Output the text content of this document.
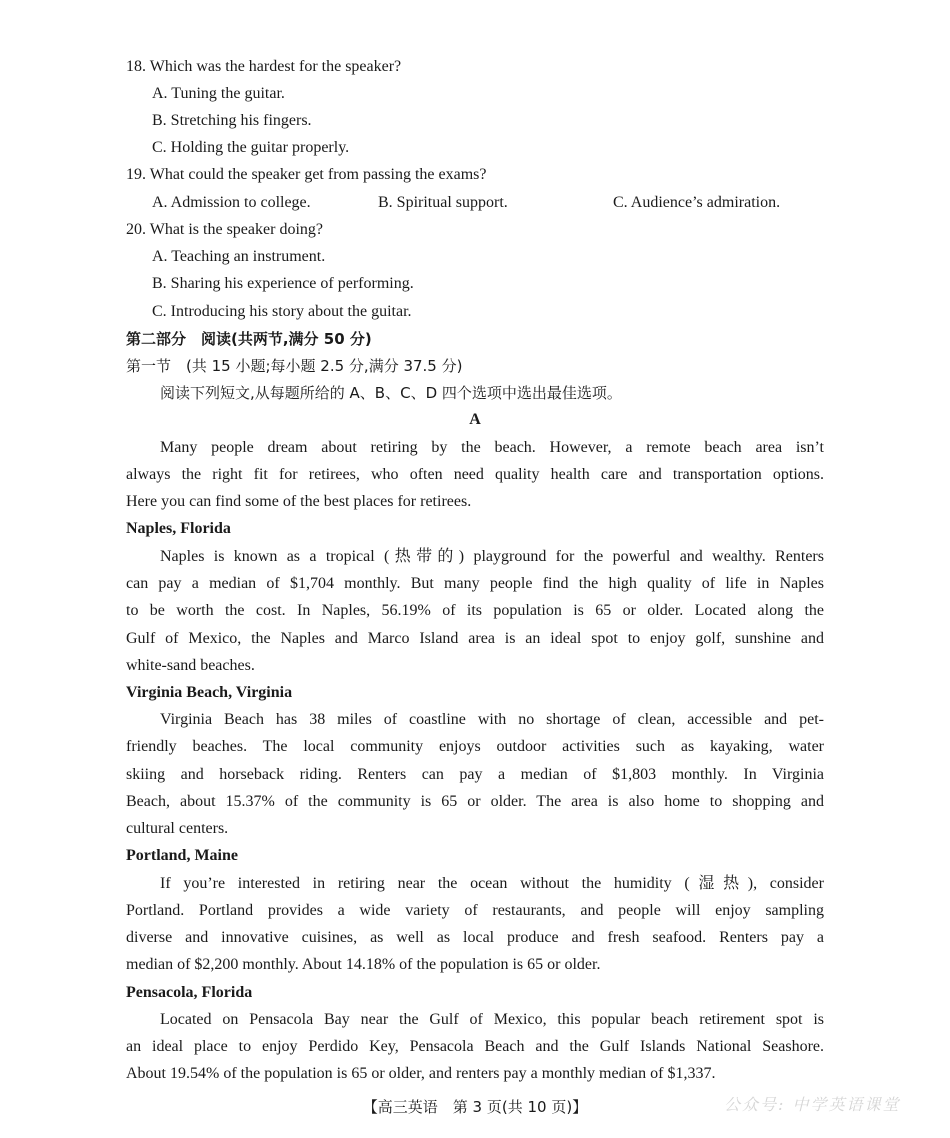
18. Which was the hardest for the speaker?
A. Tuning the guitar.
B. Stretching his fingers.
C. Holding the guitar properly.
19. What could the speaker get from passing the exams?
A. Admission to college.	B. Spiritual support.	C. Audience’s admiration.
20. What is the speaker doing?
A. Teaching an instrument.
B. Sharing his experience of performing.
C. Introducing his story about the guitar.
第二部分　阅读(共两节,满分 50 分)
第一节　(共 15 小题;每小题 2.5 分,满分 37.5 分)
阅读下列短文,从每题所给的 A、B、C、D 四个选项中选出最佳选项。
A
Many people dream about retiring by the beach. However, a remote beach area isn’t
always the right fit for retirees, who often need quality health care and transportation options.
Here you can find some of the best places for retirees.
Naples, Florida
Naples is known as a tropical (热带的) playground for the powerful and wealthy. Renters
can pay a median of $1,704 monthly. But many people find the high quality of life in Naples
to be worth the cost. In Naples, 56.19% of its population is 65 or older. Located along the
Gulf of Mexico, the Naples and Marco Island area is an ideal spot to enjoy golf, sunshine and
white-sand beaches.
Virginia Beach, Virginia
Virginia Beach has 38 miles of coastline with no shortage of clean, accessible and pet-
friendly beaches. The local community enjoys outdoor activities such as kayaking, water
skiing and horseback riding. Renters can pay a median of $1,803 monthly. In Virginia
Beach, about 15.37% of the community is 65 or older. The area is also home to shopping and
cultural centers.
Portland, Maine
If you’re interested in retiring near the ocean without the humidity (湿热), consider
Portland. Portland provides a wide variety of restaurants, and people will enjoy sampling
diverse and innovative cuisines, as well as local produce and fresh seafood. Renters pay a
median of $2,200 monthly. About 14.18% of the population is 65 or older.
Pensacola, Florida
Located on Pensacola Bay near the Gulf of Mexico, this popular beach retirement spot is
an ideal place to enjoy Perdido Key, Pensacola Beach and the Gulf Islands National Seashore.
About 19.54% of the population is 65 or older, and renters pay a monthly median of $1,337.
【高三英语　第 3 页(共 10 页)】	公众号: 中学英语课堂
